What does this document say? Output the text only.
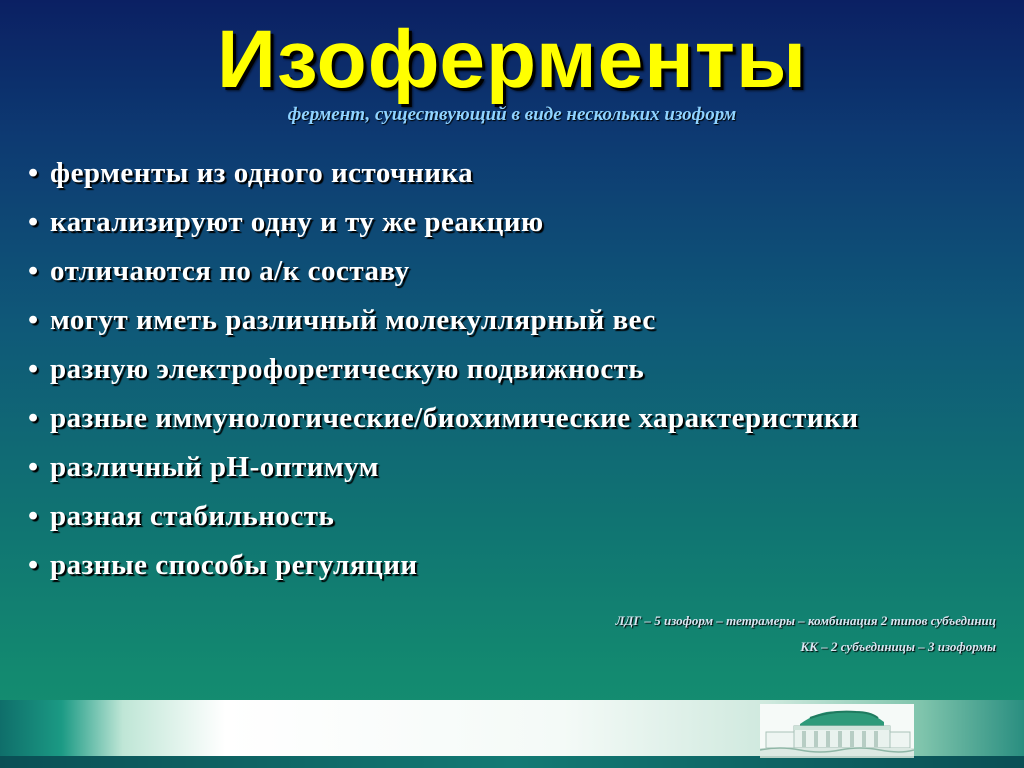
Изоферменты
фермент, существующий в виде нескольких изоформ
• ферменты из одного источника
• катализируют одну и ту же реакцию
• отличаются по а/к составу
• могут иметь различный молекуллярный вес
• разную электрофоретическую подвижность
• разные иммунологические/биохимические характеристики
• различный рН-оптимум
• разная стабильность
• разные способы регуляции
ЛДГ – 5 изоформ – тетрамеры – комбинация 2 типов субъединиц
КК – 2 субъединицы – 3 изоформы
